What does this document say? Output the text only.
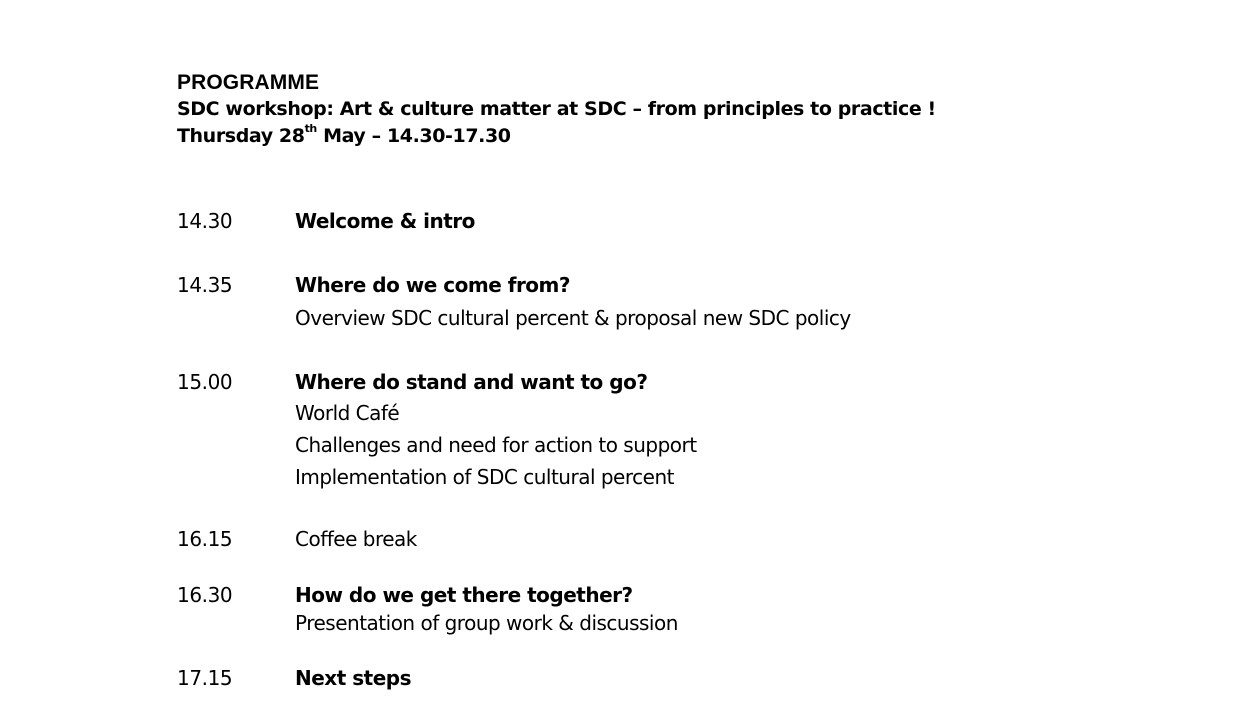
PROGRAMME
SDC workshop: Art & culture matter at SDC – from principles to practice !
Thursday 28th May – 14.30-17.30
14.30	Welcome & intro
14.35	Where do we come from?
Overview SDC cultural percent & proposal new SDC policy
15.00	Where do stand and want to go?
World Café
Challenges and need for action to support
Implementation of SDC cultural percent
16.15	Coffee break
16.30	How do we get there together?
Presentation of group work & discussion
17.15	Next steps
